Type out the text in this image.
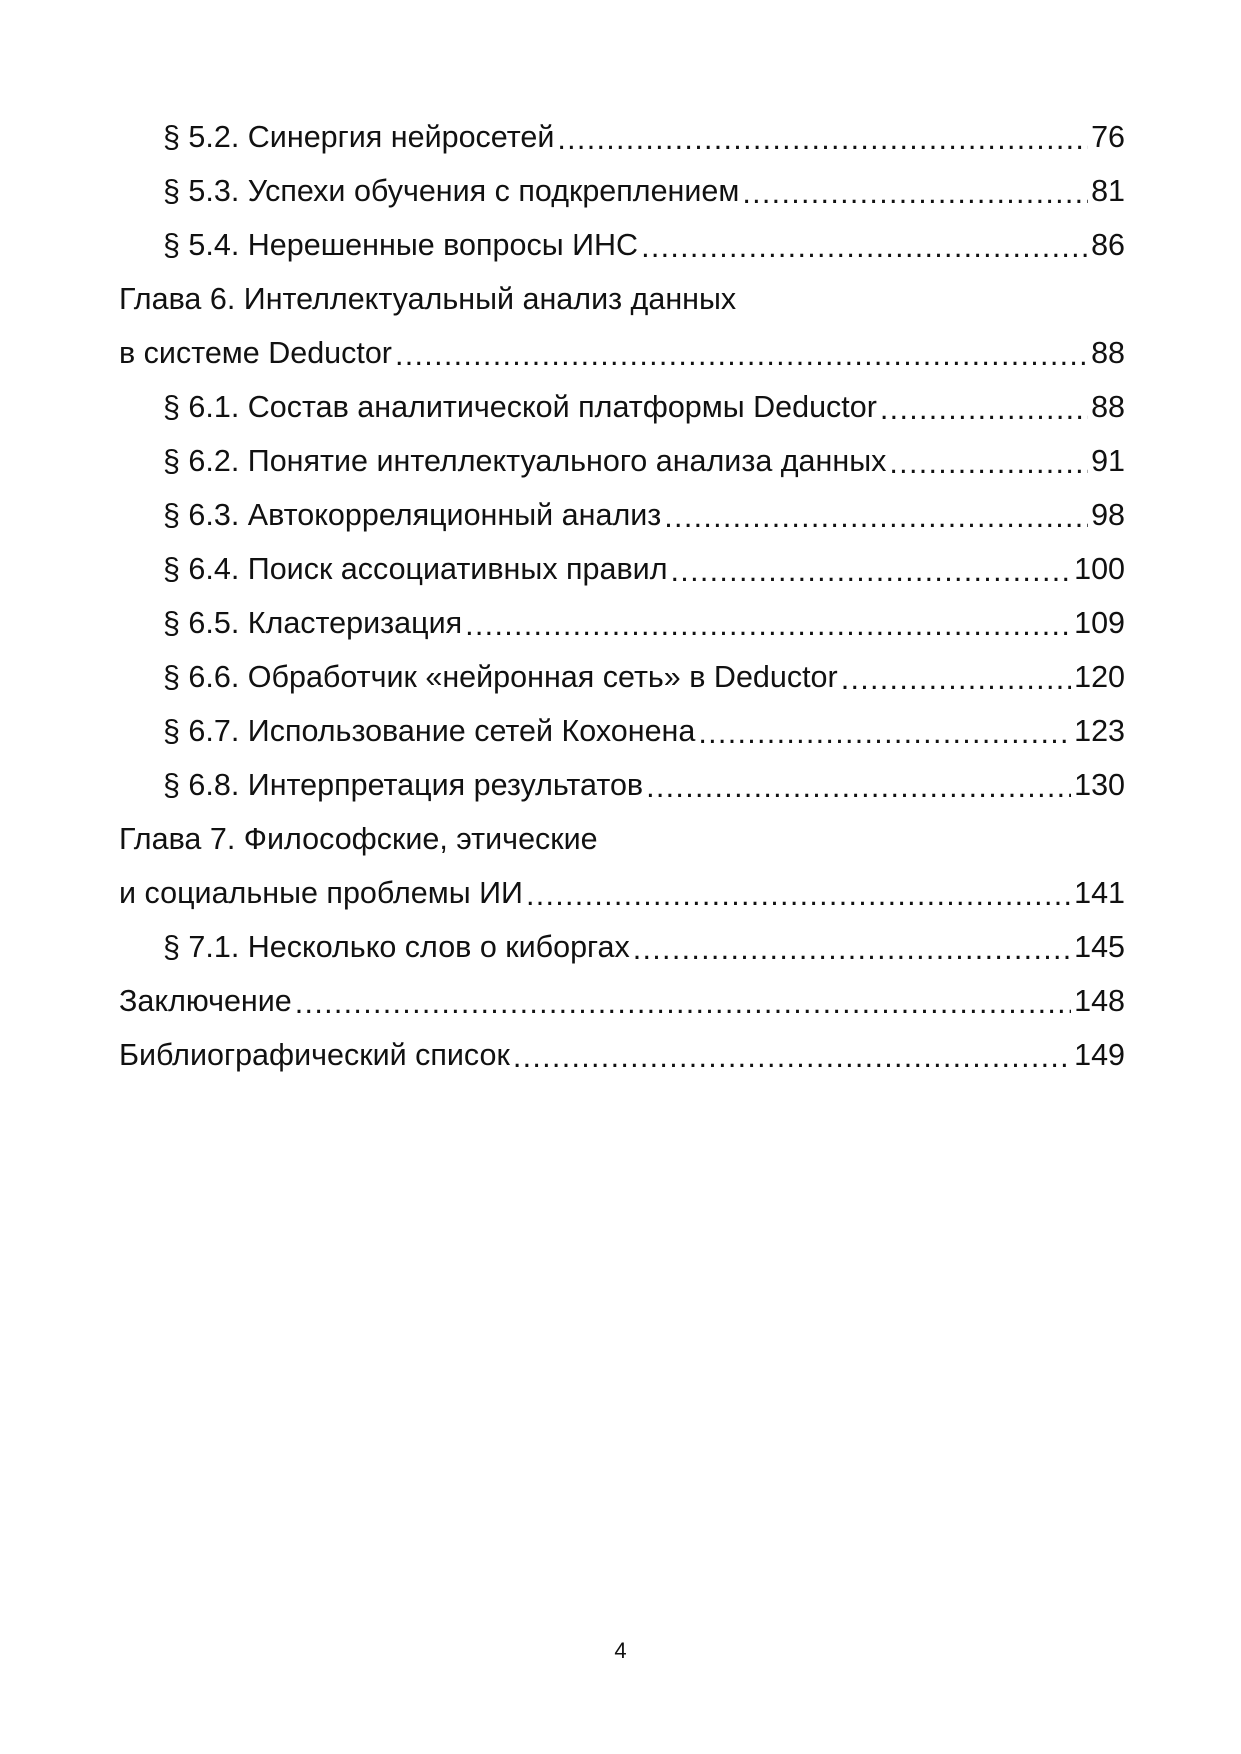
§ 5.2. Синергия нейросетей .....	76
§ 5.3. Успехи обучения с подкреплением .....	81
§ 5.4. Нерешенные вопросы ИНС .....	86
Глава 6. Интеллектуальный анализ данных
в системе Deductor .....	88
§ 6.1. Состав аналитической платформы Deductor .....	88
§ 6.2. Понятие интеллектуального анализа данных .....	91
§ 6.3. Автокорреляционный анализ .....	98
§ 6.4. Поиск ассоциативных правил .....	100
§ 6.5. Кластеризация .....	109
§ 6.6. Обработчик «нейронная сеть» в Deductor .....	120
§ 6.7. Использование сетей Кохонена .....	123
§ 6.8. Интерпретация результатов .....	130
Глава 7. Философские, этические
и социальные проблемы ИИ .....	141
§ 7.1. Несколько слов о киборгах .....	145
Заключение .....	148
Библиографический список .....	149
4
